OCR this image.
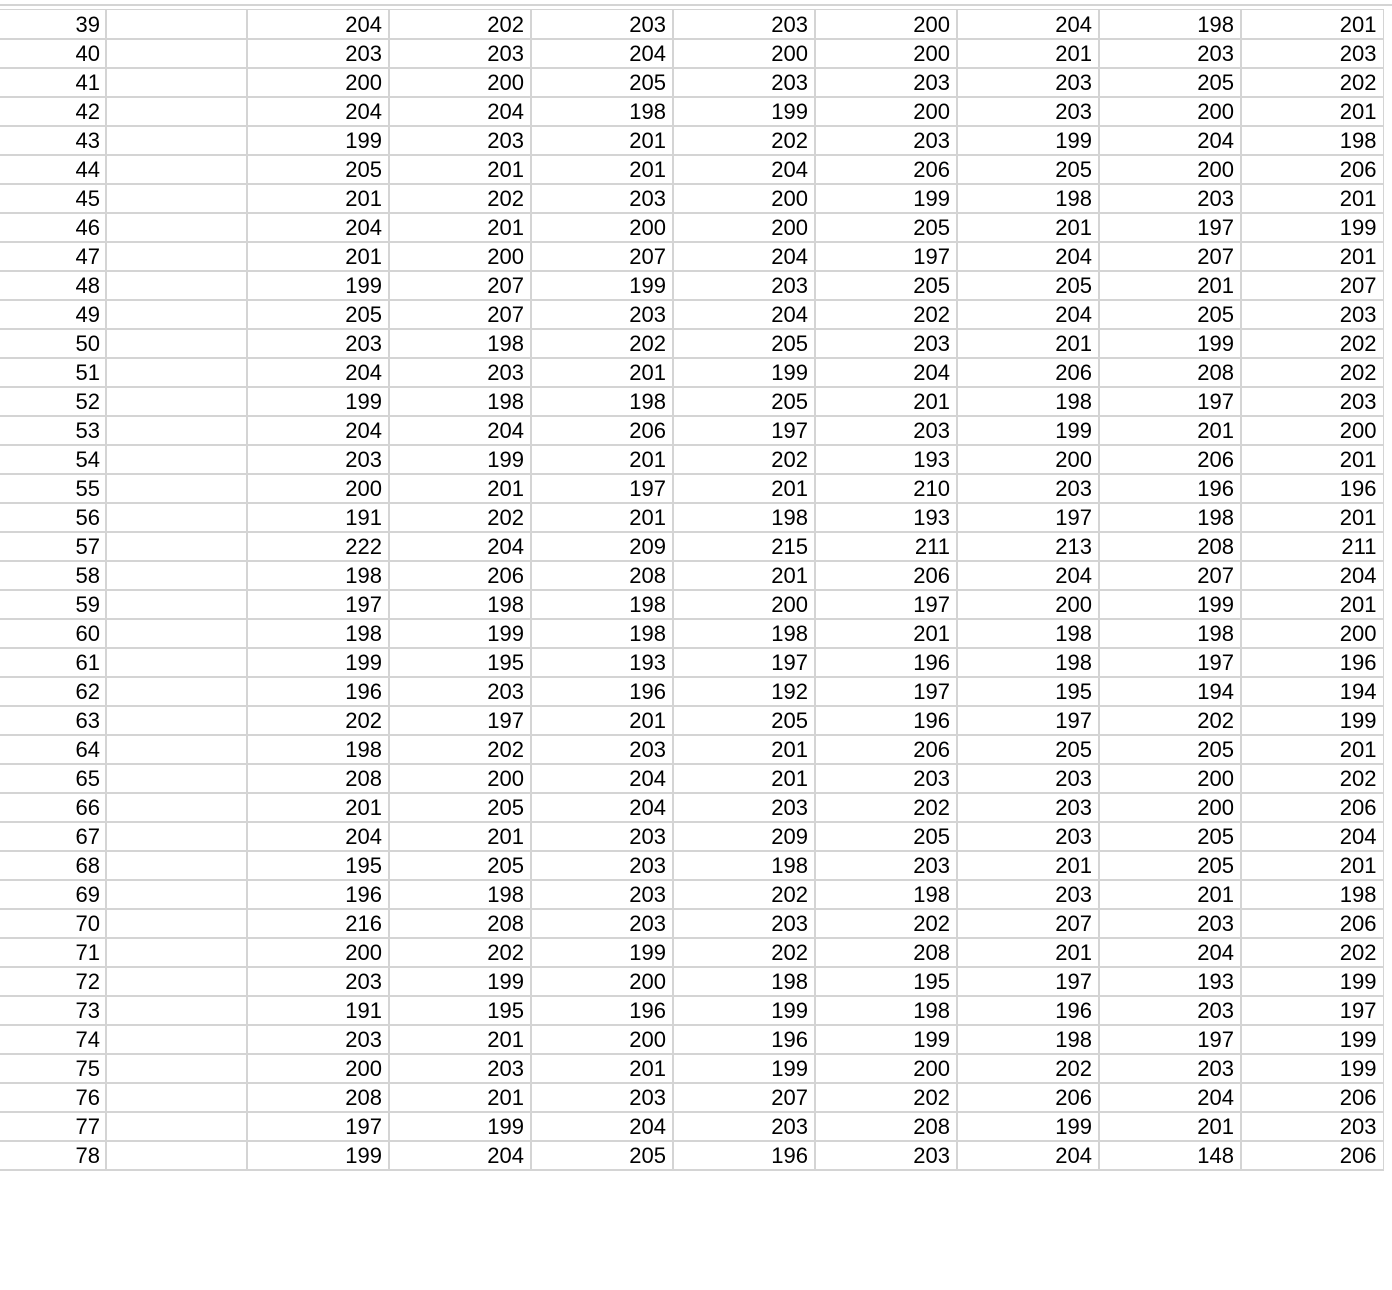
39		204	202	203	203	200	204	198	201
40		203	203	204	200	200	201	203	203
41		200	200	205	203	203	203	205	202
42		204	204	198	199	200	203	200	201
43		199	203	201	202	203	199	204	198
44		205	201	201	204	206	205	200	206
45		201	202	203	200	199	198	203	201
46		204	201	200	200	205	201	197	199
47		201	200	207	204	197	204	207	201
48		199	207	199	203	205	205	201	207
49		205	207	203	204	202	204	205	203
50		203	198	202	205	203	201	199	202
51		204	203	201	199	204	206	208	202
52		199	198	198	205	201	198	197	203
53		204	204	206	197	203	199	201	200
54		203	199	201	202	193	200	206	201
55		200	201	197	201	210	203	196	196
56		191	202	201	198	193	197	198	201
57		222	204	209	215	211	213	208	211
58		198	206	208	201	206	204	207	204
59		197	198	198	200	197	200	199	201
60		198	199	198	198	201	198	198	200
61		199	195	193	197	196	198	197	196
62		196	203	196	192	197	195	194	194
63		202	197	201	205	196	197	202	199
64		198	202	203	201	206	205	205	201
65		208	200	204	201	203	203	200	202
66		201	205	204	203	202	203	200	206
67		204	201	203	209	205	203	205	204
68		195	205	203	198	203	201	205	201
69		196	198	203	202	198	203	201	198
70		216	208	203	203	202	207	203	206
71		200	202	199	202	208	201	204	202
72		203	199	200	198	195	197	193	199
73		191	195	196	199	198	196	203	197
74		203	201	200	196	199	198	197	199
75		200	203	201	199	200	202	203	199
76		208	201	203	207	202	206	204	206
77		197	199	204	203	208	199	201	203
78		199	204	205	196	203	204	148	206
